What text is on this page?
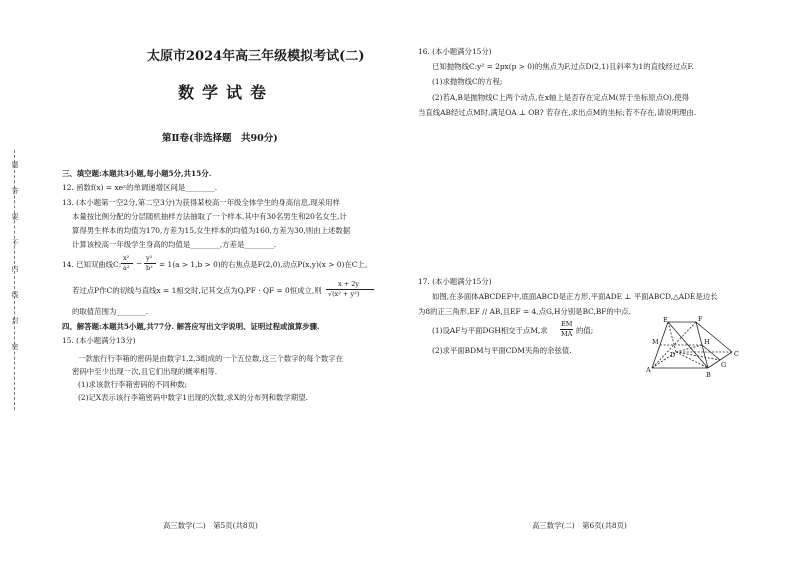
题
答
要
不
内
线
封
密
太原市2024年高三年级模拟考试(二)
数学试卷
第Ⅱ卷(非选择题　共90分)
三、填空题:本题共3小题,每小题5分,共15分.
12. 函数f(x) = xeˣ的单调递增区间是________.
13. (本小题第一空2分,第二空3分)为获得某校高一年级全体学生的身高信息,现采用样
本量按比例分配的分层随机抽样方法抽取了一个样本,其中有30名男生和20名女生,计
算得男生样本的均值为170,方差为15,女生样本的均值为160,方差为30,则由上述数据
计算该校高一年级学生身高的均值是________,方差是________.
14. 已知双曲线C:
x²
a² −
y²
b² = 1(a > 1,b > 0)的右焦点是F(2,0),动点P(x,y)(x > 0)在C上,
若过点P作C的切线与直线x = 1相交时,记其交点为Q,PF · QF = 0恒成立,则
x + 2y
√(x² + y²)
的取值范围为________.
四、解答题:本题共5小题,共77分. 解答应写出文字说明、证明过程或演算步骤.
15. (本小题满分13分)
一款旅行行李箱的密码是由数字1,2,3组成的一个五位数,这三个数字的每个数字在
密码中至少出现一次,且它们出现的概率相等.
(1)求该款行李箱密码的不同种数;
(2)记X表示该行李箱密码中数字1出现的次数,求X的分布列和数学期望.
高三数学(二)　第5页(共8页)
16. (本小题满分15分)
已知抛物线C:y² = 2px(p > 0)的焦点为F,过点D(2,1)且斜率为1的直线经过点F.
(1)求抛物线C的方程;
(2)若A,B是抛物线C上两个动点,在x轴上是否存在定点M(异于坐标原点O),使得
当直线AB经过点M时,满足OA ⊥ OB? 若存在,求出点M的坐标;若不存在,请说明理由.
17. (本小题满分15分)
如图,在多面体ABCDEF中,底面ABCD是正方形,平面ADE ⊥ 平面ABCD,△ADE是边长
为8的正三角形,EF // AB,且EF = 4,点G,H分别是BC,BF的中点.
(1)设AF与平面DGH相交于点M,求
EM
MA 的值;
(2)求平面BDM与平面CDM夹角的余弦值.
E	F
M	H
D	C
A
G
B
高三数学(二)　第6页(共8页)
